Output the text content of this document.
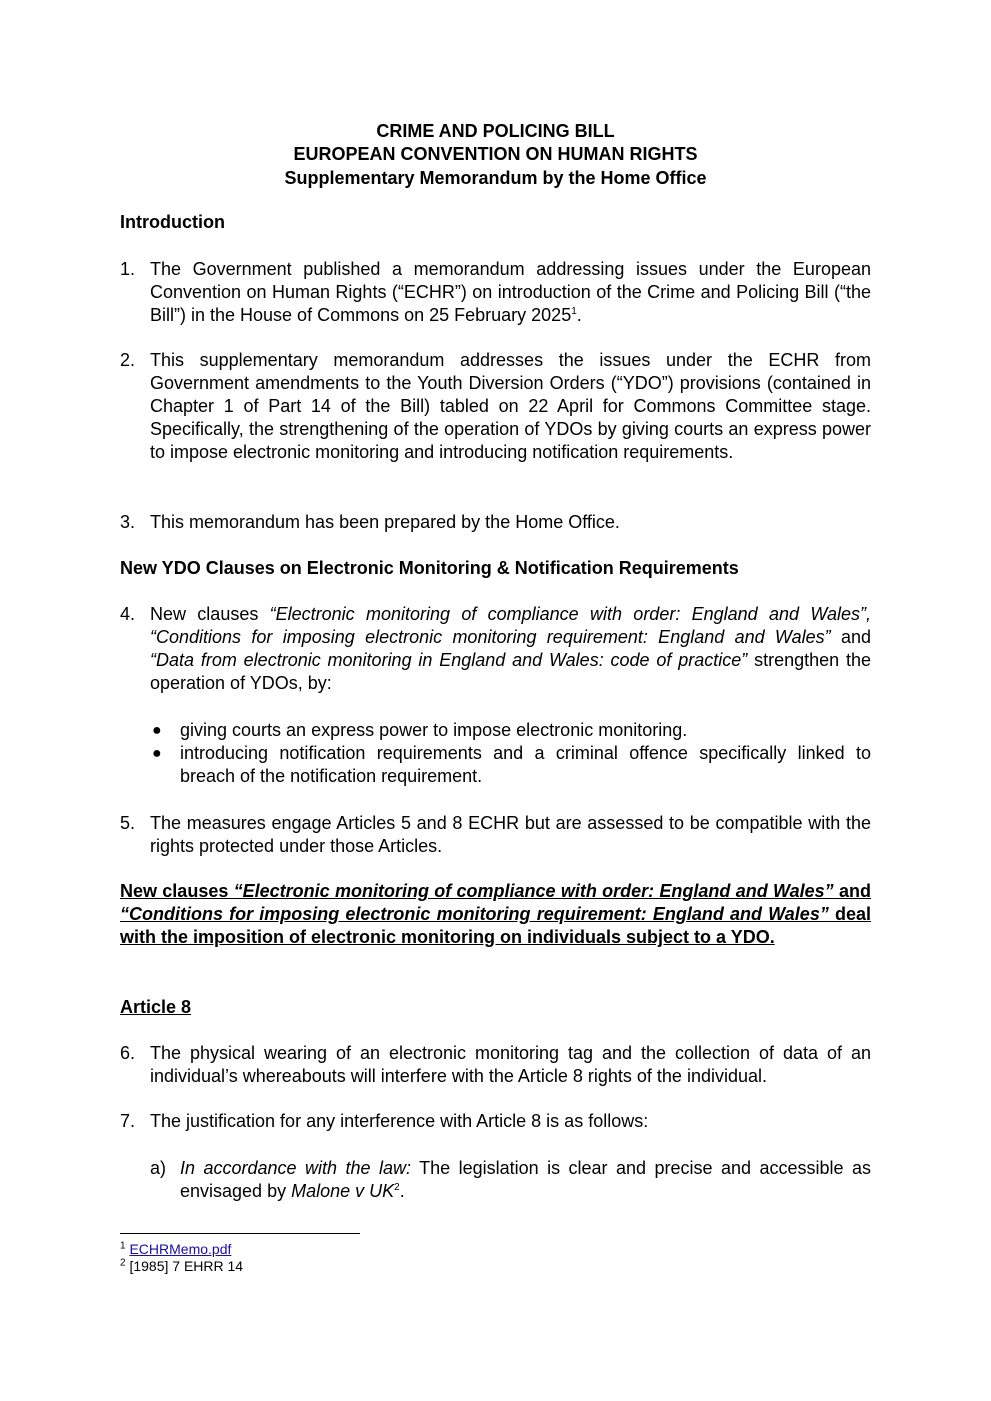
CRIME AND POLICING BILL
EUROPEAN CONVENTION ON HUMAN RIGHTS
Supplementary Memorandum by the Home Office
Introduction
1. The Government published a memorandum addressing issues under the European Convention on Human Rights (“ECHR”) on introduction of the Crime and Policing Bill (“the Bill”) in the House of Commons on 25 February 2025$^1$.
2. This supplementary memorandum addresses the issues under the ECHR from Government amendments to the Youth Diversion Orders (“YDO”) provisions (contained in Chapter 1 of Part 14 of the Bill) tabled on 22 April for Commons Committee stage. Specifically, the strengthening of the operation of YDOs by giving courts an express power to impose electronic monitoring and introducing notification requirements.
3. This memorandum has been prepared by the Home Office.
New YDO Clauses on Electronic Monitoring & Notification Requirements
4. New clauses “Electronic monitoring of compliance with order: England and Wales”, “Conditions for imposing electronic monitoring requirement: England and Wales” and “Data from electronic monitoring in England and Wales: code of practice” strengthen the operation of YDOs, by:
● giving courts an express power to impose electronic monitoring.
● introducing notification requirements and a criminal offence specifically linked to breach of the notification requirement.
5. The measures engage Articles 5 and 8 ECHR but are assessed to be compatible with the rights protected under those Articles.
New clauses “Electronic monitoring of compliance with order: England and Wales” and “Conditions for imposing electronic monitoring requirement: England and Wales” deal with the imposition of electronic monitoring on individuals subject to a YDO.
Article 8
6. The physical wearing of an electronic monitoring tag and the collection of data of an individual’s whereabouts will interfere with the Article 8 rights of the individual.
7. The justification for any interference with Article 8 is as follows:
a) In accordance with the law: The legislation is clear and precise and accessible as envisaged by Malone v $UK^2$.
$^1$ ECHRMemo.pdf
$^2$ [1985] 7 EHRR 14
